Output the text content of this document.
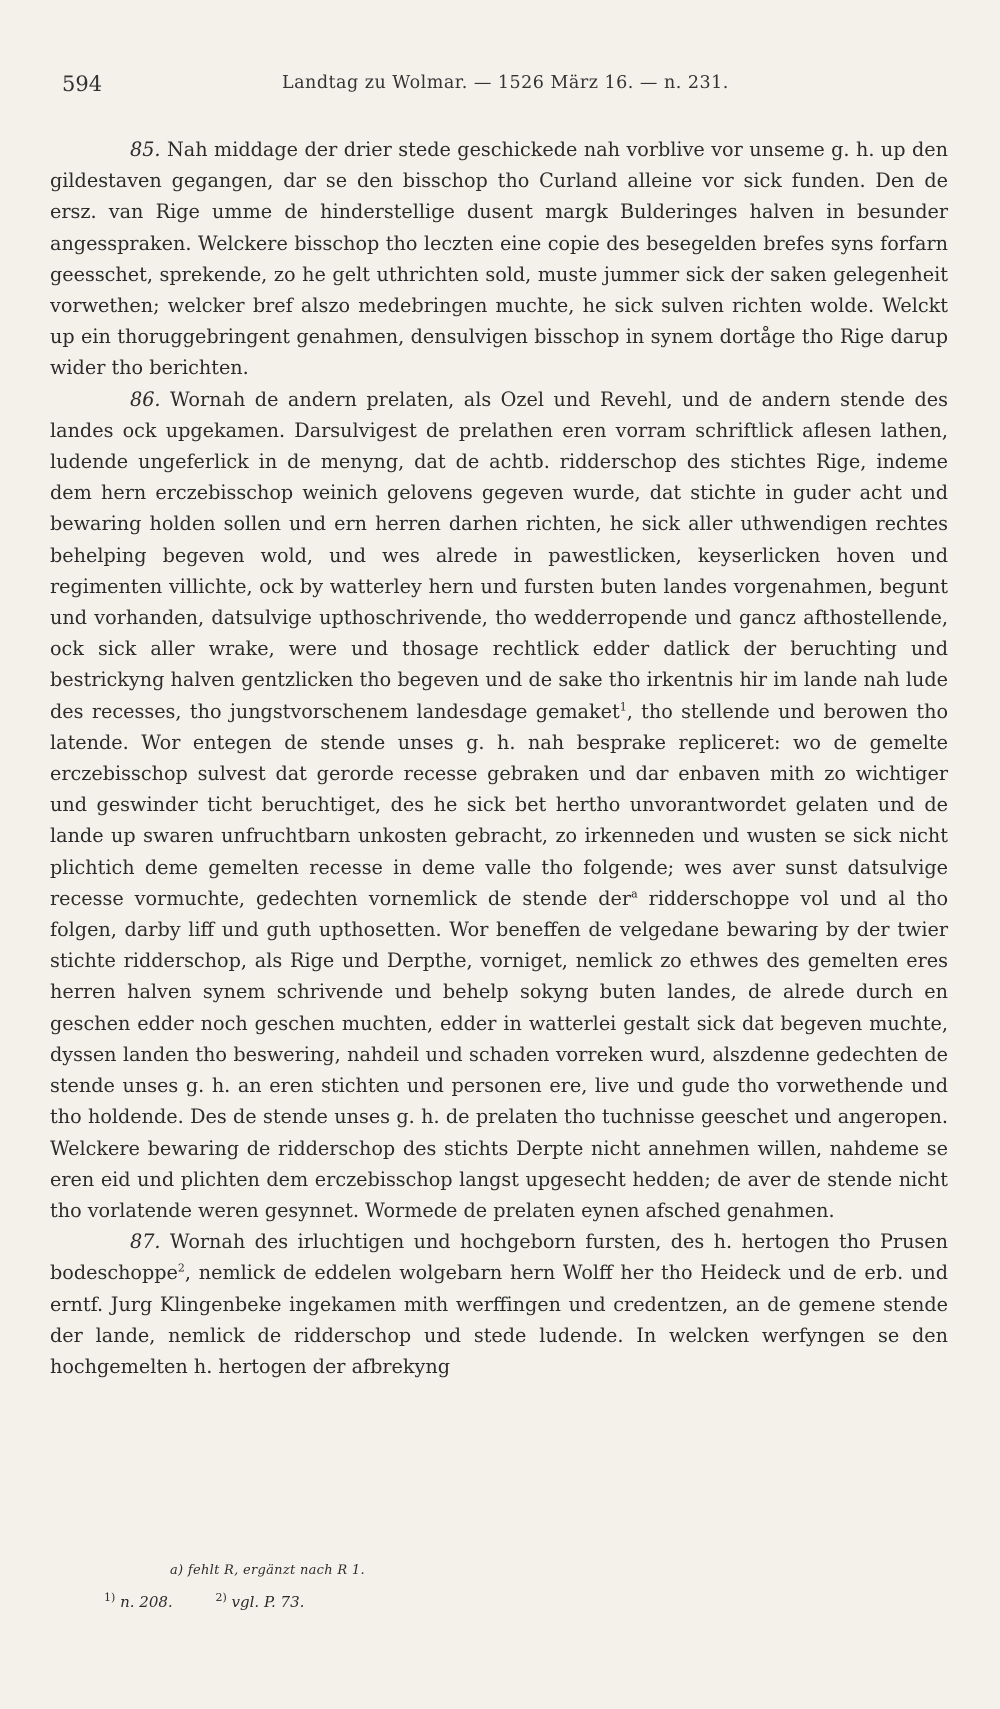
594	Landtag zu Wolmar. — 1526 März 16. — n. 231.

85. Nah middage der drier stede geschickede nah vorblive vor unseme g. h. up den gildestaven gegangen, dar se den bisschop tho Curland alleine vor sick funden. Den de ersz. van Rige umme de hinderstellige dusent margk Bulderinges halven in besunder angesspraken. Welckere bisschop tho leczten eine copie des besegelden brefes syns forfarn geesschet, sprekende, zo he gelt uthrichten sold, muste jummer sick der saken gelegenheit vorwethen; welcker bref alszo medebringen muchte, he sick sulven richten wolde. Welckt up ein thoruggebringent genahmen, densulvigen bisschop in synem dortåge tho Rige darup wider tho berichten.

86. Wornah de andern prelaten, als Ozel und Revehl, und de andern stende des landes ock upgekamen. Darsulvigest de prelathen eren vorram schriftlick aflesen lathen, ludende ungeferlick in de menyng, dat de achtb. ridderschop des stichtes Rige, indeme dem hern erczebisschop weinich gelovens gegeven wurde, dat stichte in guder acht und bewaring holden sollen und ern herren darhen richten, he sick aller uthwendigen rechtes behelping begeven wold, und wes alrede in pawestlicken, keyserlicken hoven und regimenten villichte, ock by watterley hern und fursten buten landes vorgenahmen, begunt und vorhanden, datsulvige upthoschrivende, tho wedderropende und gancz afthostellende, ock sick aller wrake, were und thosage rechtlick edder datlick der beruchting und bestrickyng halven gentzlicken tho begeven und de sake tho irkentnis hir im lande nah lude des recesses, tho jungstvorschenem landesdage gemaket$^1$, tho stellende und berowen tho latende. Wor entegen de stende unses g. h. nah besprake repliceret: wo de gemelte erczebisschop sulvest dat gerorde recesse gebraken und dar enbaven mith zo wichtiger und geswinder ticht beruchtiget, des he sick bet hertho unvorantwordet gelaten und de lande up swaren unfruchtbarn unkosten gebracht, zo irkenneden und wusten se sick nicht plichtich deme gemelten recesse in deme valle tho folgende; wes aver sunst datsulvige recesse vormuchte, gedechten vornemlick de stende der$^a$ ridderschoppe vol und al tho folgen, darby liff und guth upthosetten. Wor beneffen de velgedane bewaring by der twier stichte ridderschop, als Rige und Derpthe, vorniget, nemlick zo ethwes des gemelten eres herren halven synem schrivende und behelp sokyng buten landes, de alrede durch en geschen edder noch geschen muchten, edder in watterlei gestalt sick dat begeven muchte, dyssen landen tho beswering, nahdeil und schaden vorreken wurd, alszdenne gedechten de stende unses g. h. an eren stichten und personen ere, live und gude tho vorwethende und tho holdende. Des de stende unses g. h. de prelaten tho tuchnisse geeschet und angeropen. Welckere bewaring de ridderschop des stichts Derpte nicht annehmen willen, nahdeme se eren eid und plichten dem erczebisschop langst upgesecht hedden; de aver de stende nicht tho vorlatende weren gesynnet. Wormede de prelaten eynen afsched genahmen.

87. Wornah des irluchtigen und hochgeborn fursten, des h. hertogen tho Prusen bodeschoppe$^2$, nemlick de eddelen wolgebarn hern Wolff her tho Heideck und de erb. und erntf. Jurg Klingenbeke ingekamen mith werffingen und credentzen, an de gemene stende der lande, nemlick de ridderschop und stede ludende. In welcken werfyngen se den hochgemelten h. hertogen der afbrekyng

a) fehlt R, ergänzt nach R 1.
$^{1)}$ n. 208.	$^{2)}$ vgl. P. 73.
